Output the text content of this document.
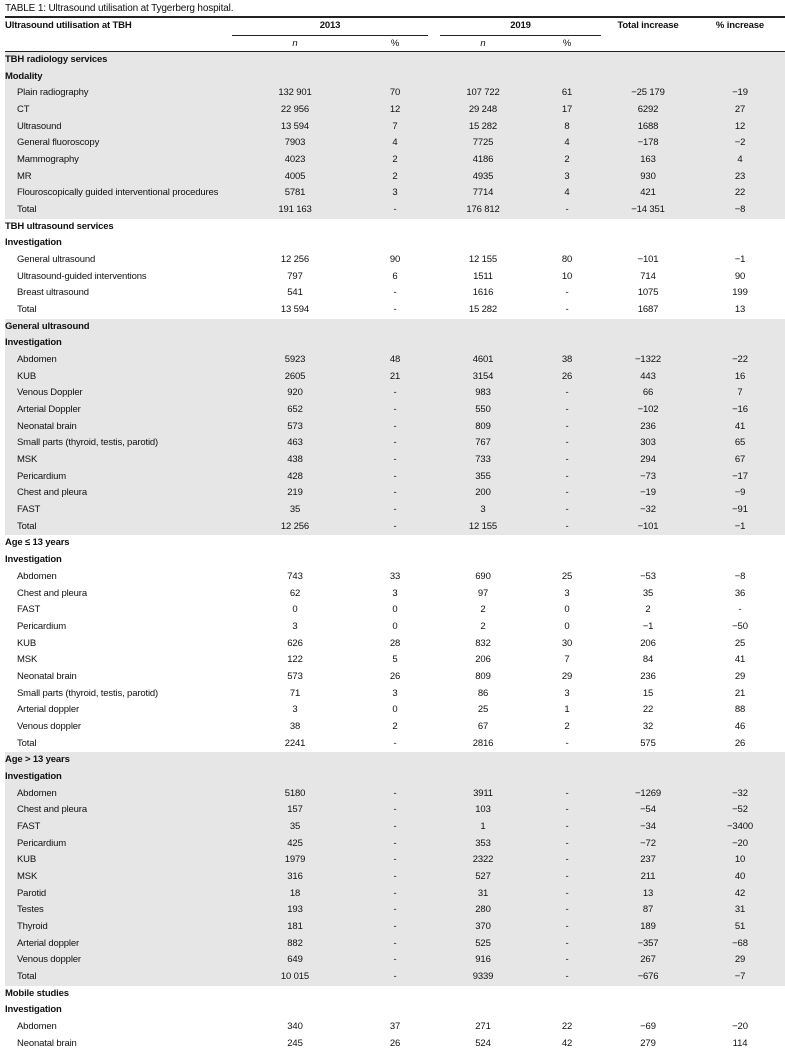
TABLE 1: Ultrasound utilisation at Tygerberg hospital.
Ultrasound utilisation at TBH	2013	2019	Total increase	% increase
n	%	n	%
TBH radiology services
Modality
Plain radiography	132 901	70	107 722	61	−25 179	−19
CT	22 956	12	29 248	17	6292	27
Ultrasound	13 594	7	15 282	8	1688	12
General fluoroscopy	7903	4	7725	4	−178	−2
Mammography	4023	2	4186	2	163	4
MR	4005	2	4935	3	930	23
Flouroscopically guided interventional procedures	5781	3	7714	4	421	22
Total	191 163	-	176 812	-	−14 351	−8
TBH ultrasound services
Investigation
General ultrasound	12 256	90	12 155	80	−101	−1
Ultrasound-guided interventions	797	6	1511	10	714	90
Breast ultrasound	541	-	1616	-	1075	199
Total	13 594	-	15 282	-	1687	13
General ultrasound
Investigation
Abdomen	5923	48	4601	38	−1322	−22
KUB	2605	21	3154	26	443	16
Venous Doppler	920	-	983	-	66	7
Arterial Doppler	652	-	550	-	−102	−16
Neonatal brain	573	-	809	-	236	41
Small parts (thyroid, testis, parotid)	463	-	767	-	303	65
MSK	438	-	733	-	294	67
Pericardium	428	-	355	-	−73	−17
Chest and pleura	219	-	200	-	−19	−9
FAST	35	-	3	-	−32	−91
Total	12 256	-	12 155	-	−101	−1
Age ≤ 13 years
Investigation
Abdomen	743	33	690	25	−53	−8
Chest and pleura	62	3	97	3	35	36
FAST	0	0	2	0	2	-
Pericardium	3	0	2	0	−1	−50
KUB	626	28	832	30	206	25
MSK	122	5	206	7	84	41
Neonatal brain	573	26	809	29	236	29
Small parts (thyroid, testis, parotid)	71	3	86	3	15	21
Arterial doppler	3	0	25	1	22	88
Venous doppler	38	2	67	2	32	46
Total	2241	-	2816	-	575	26
Age > 13 years
Investigation
Abdomen	5180	-	3911	-	−1269	−32
Chest and pleura	157	-	103	-	−54	−52
FAST	35	-	1	-	−34	−3400
Pericardium	425	-	353	-	−72	−20
KUB	1979	-	2322	-	237	10
MSK	316	-	527	-	211	40
Parotid	18	-	31	-	13	42
Testes	193	-	280	-	87	31
Thyroid	181	-	370	-	189	51
Arterial doppler	882	-	525	-	−357	−68
Venous doppler	649	-	916	-	267	29
Total	10 015	-	9339	-	−676	−7
Mobile studies
Investigation
Abdomen	340	37	271	22	−69	−20
Neonatal brain	245	26	524	42	279	114
